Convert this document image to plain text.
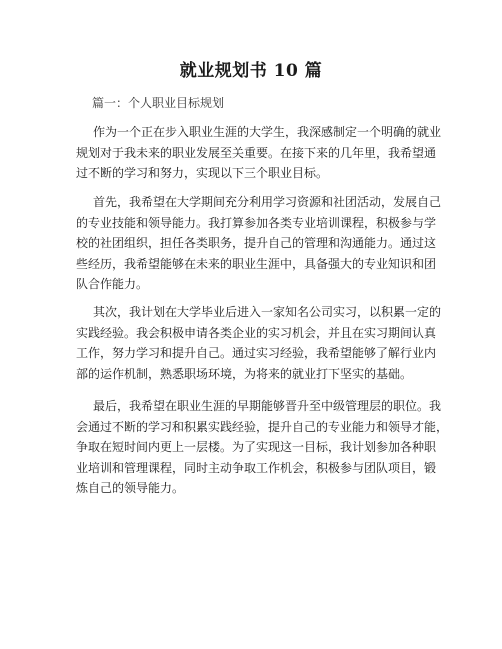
就业规划书 10 篇
篇一：个人职业目标规划
作为一个正在步入职业生涯的大学生，我深感制定一个明确的就业
规划对于我未来的职业发展至关重要。在接下来的几年里，我希望通
过不断的学习和努力，实现以下三个职业目标。
首先，我希望在大学期间充分利用学习资源和社团活动，发展自己
的专业技能和领导能力。我打算参加各类专业培训课程，积极参与学
校的社团组织，担任各类职务，提升自己的管理和沟通能力。通过这
些经历，我希望能够在未来的职业生涯中，具备强大的专业知识和团
队合作能力。
其次，我计划在大学毕业后进入一家知名公司实习，以积累一定的
实践经验。我会积极申请各类企业的实习机会，并且在实习期间认真
工作，努力学习和提升自己。通过实习经验，我希望能够了解行业内
部的运作机制，熟悉职场环境，为将来的就业打下坚实的基础。
最后，我希望在职业生涯的早期能够晋升至中级管理层的职位。我
会通过不断的学习和积累实践经验，提升自己的专业能力和领导才能，
争取在短时间内更上一层楼。为了实现这一目标，我计划参加各种职
业培训和管理课程，同时主动争取工作机会，积极参与团队项目，锻
炼自己的领导能力。
